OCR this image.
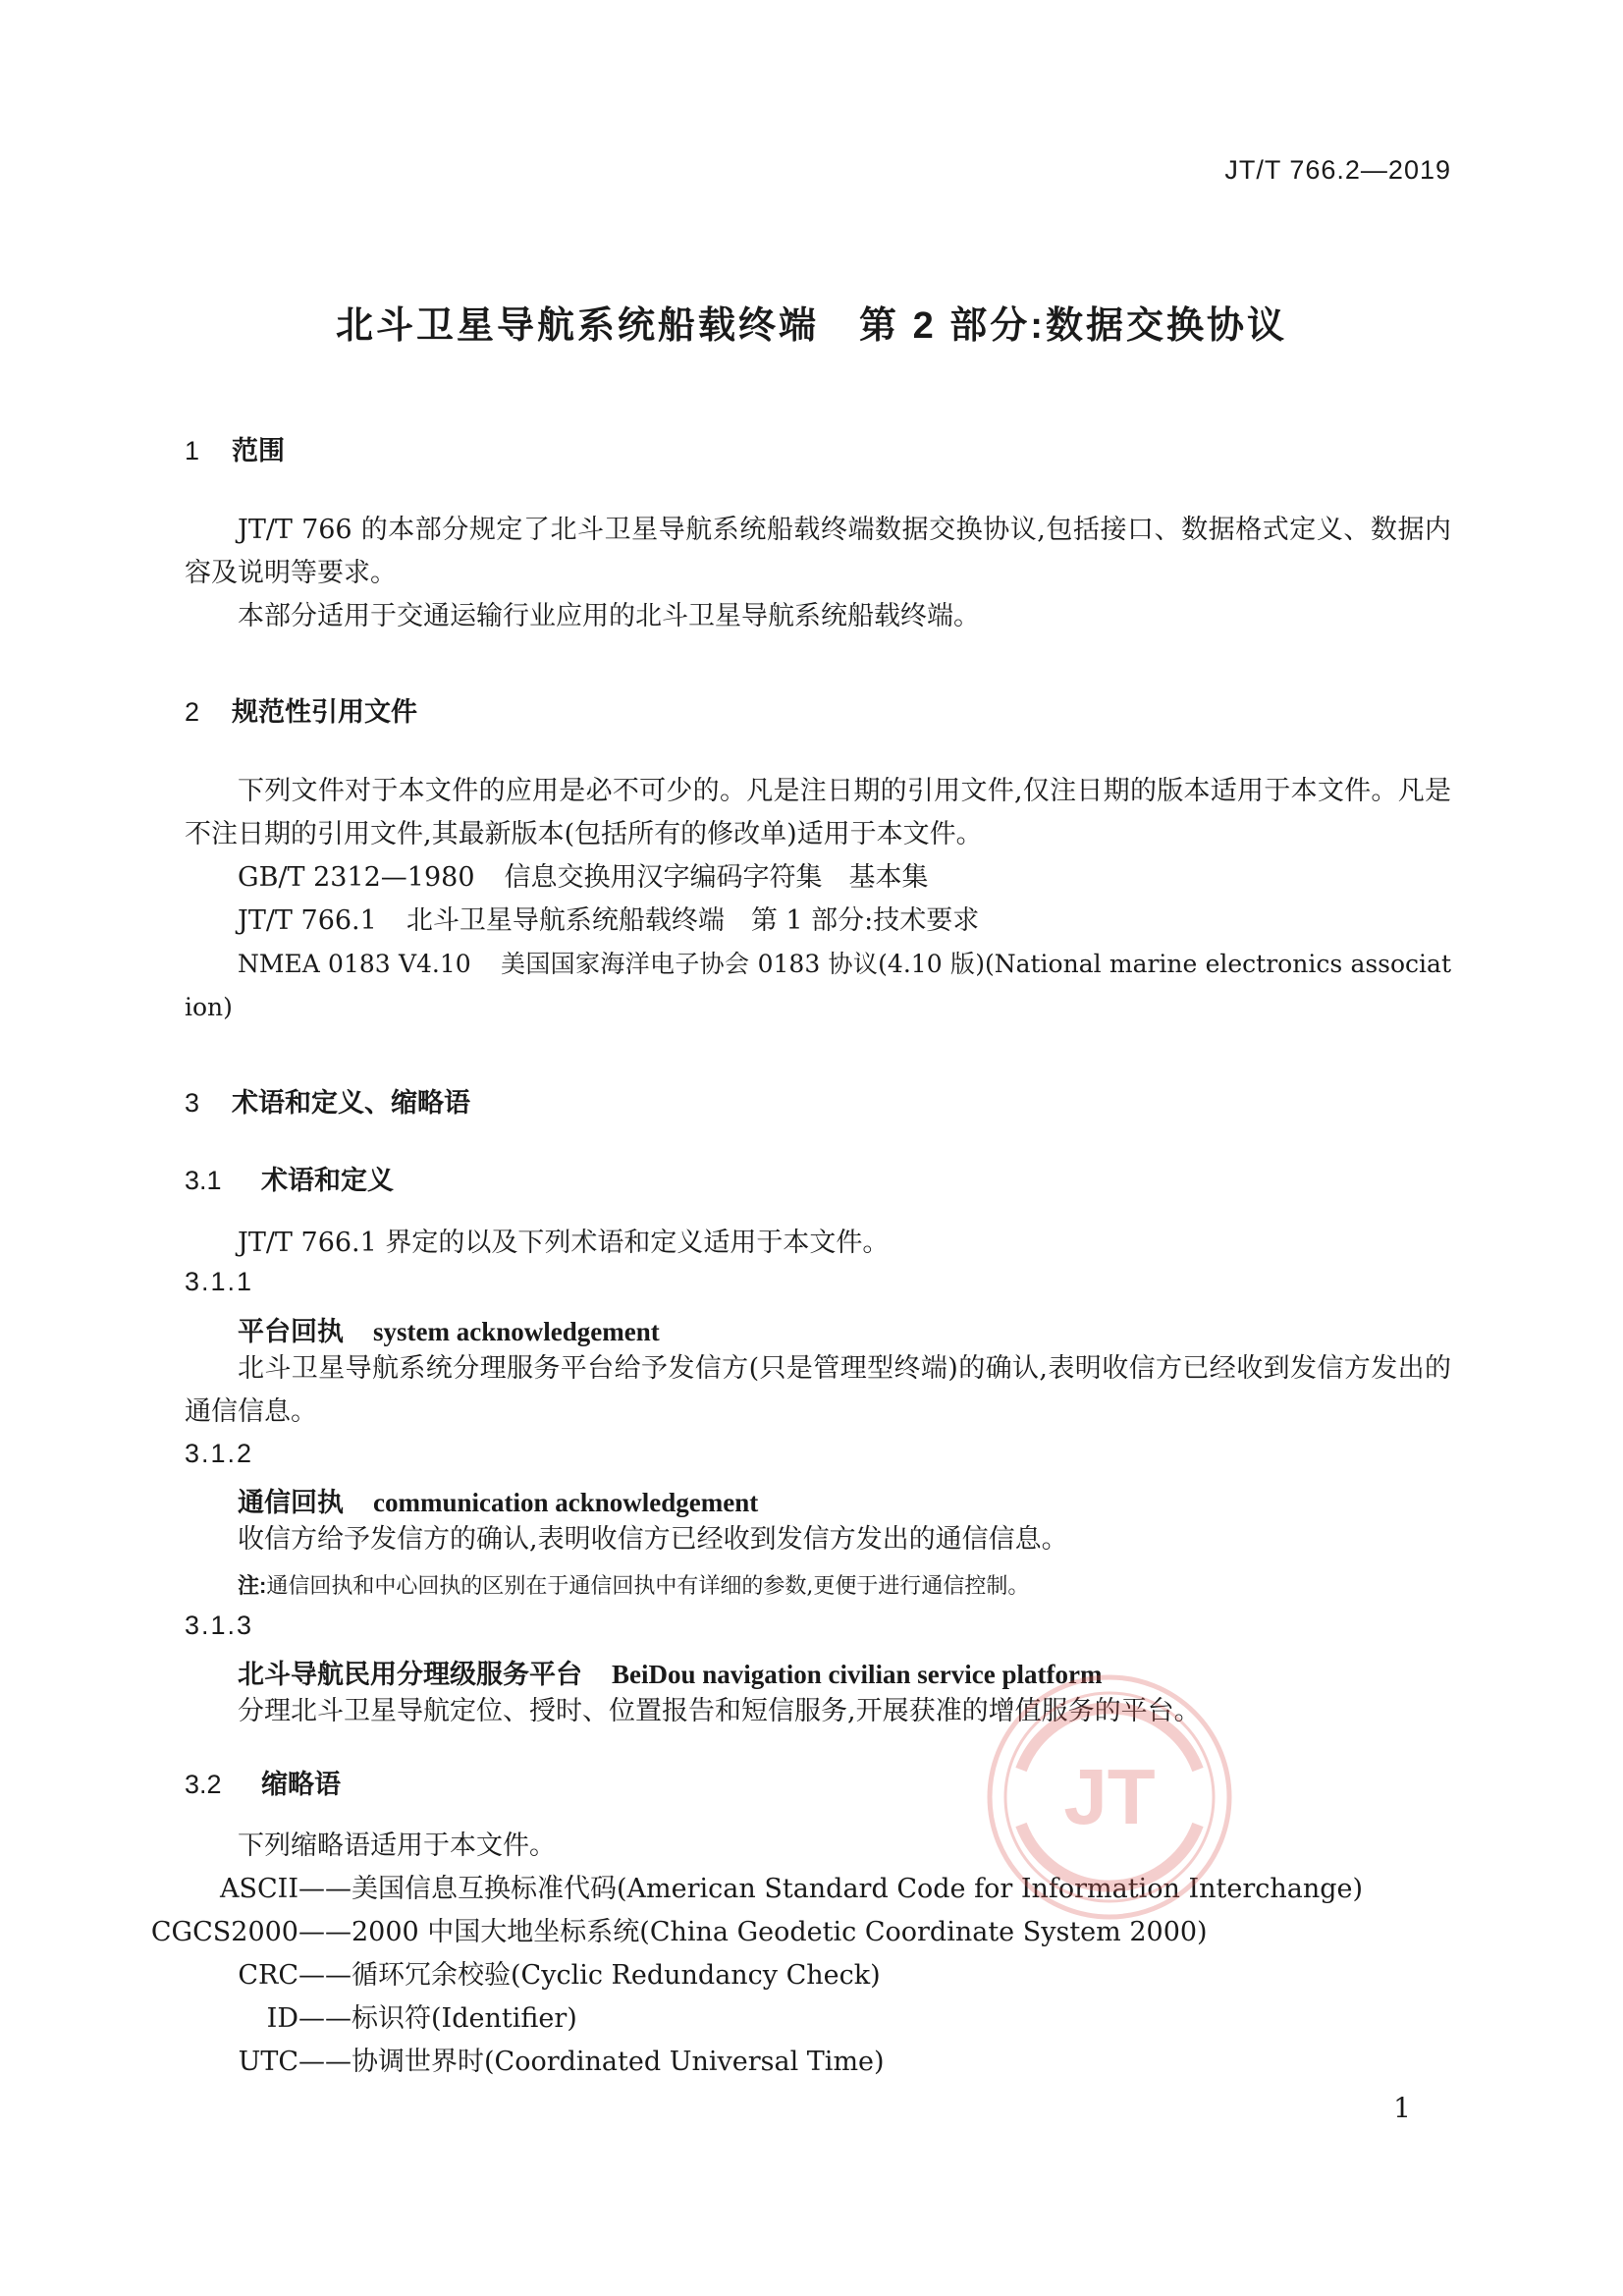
JT/T 766.2—2019
北斗卫星导航系统船载终端　第 2 部分:数据交换协议
1 范围
JT/T 766 的本部分规定了北斗卫星导航系统船载终端数据交换协议,包括接口、数据格式定义、数据内容及说明等要求。
本部分适用于交通运输行业应用的北斗卫星导航系统船载终端。
2 规范性引用文件
下列文件对于本文件的应用是必不可少的。凡是注日期的引用文件,仅注日期的版本适用于本文件。凡是不注日期的引用文件,其最新版本(包括所有的修改单)适用于本文件。
GB/T 2312—1980 信息交换用汉字编码字符集　基本集
JT/T 766.1 北斗卫星导航系统船载终端　第 1 部分:技术要求
NMEA 0183 V4.10 美国国家海洋电子协会 0183 协议(4.10 版)(National marine electronics association)
3 术语和定义、缩略语
3.1 术语和定义
JT/T 766.1 界定的以及下列术语和定义适用于本文件。
3.1.1
平台回执 system acknowledgement
北斗卫星导航系统分理服务平台给予发信方(只是管理型终端)的确认,表明收信方已经收到发信方发出的通信信息。
3.1.2
通信回执 communication acknowledgement
收信方给予发信方的确认,表明收信方已经收到发信方发出的通信信息。
注:通信回执和中心回执的区别在于通信回执中有详细的参数,更便于进行通信控制。
3.1.3
北斗导航民用分理级服务平台 BeiDou navigation civilian service platform
分理北斗卫星导航定位、授时、位置报告和短信服务,开展获准的增值服务的平台。
3.2 缩略语
下列缩略语适用于本文件。
ASCII ——美国信息互换标准代码(American Standard Code for Information Interchange)
CGCS2000 ——2000 中国大地坐标系统(China Geodetic Coordinate System 2000)
CRC ——循环冗余校验(Cyclic Redundancy Check)
ID ——标识符(Identifier)
UTC ——协调世界时(Coordinated Universal Time)
JT
1
